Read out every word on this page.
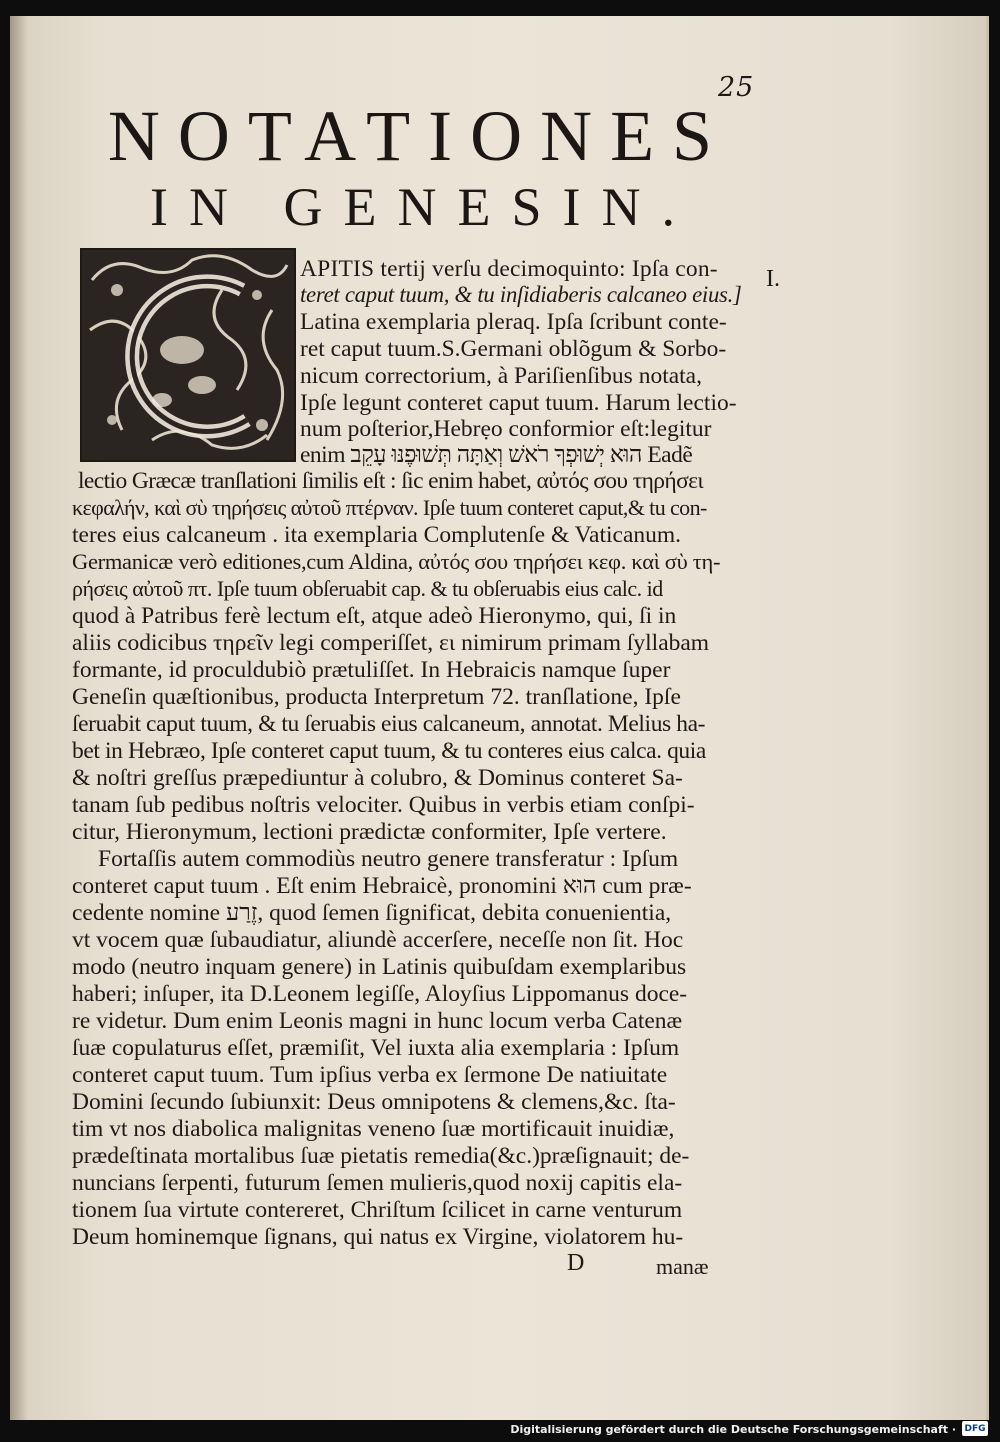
25
NOTATIONES
IN GENESIN.
I.
APITIS tertij verſu decimoquinto: Ipſa con-
teret caput tuum, & tu inſidiaberis calcaneo eius.]
Latina exemplaria pleraq. Ipſa ſcribunt conte-
ret caput tuum.S.Germani oblõgum & Sorbo-
nicum correctorium, à Pariſienſibus notata,
Ipſe legunt conteret caput tuum. Harum lectio-
num poſterior,Hebrẹo conformior eſt:legitur
enim הוּא יְשׁוּפְךָ רֹאשׁ וְאַתָּה תְּשׁוּפֶנּוּ עָקֵב Eadẽ
lectio Græcæ tranſlationi ſimilis eſt : ſic enim habet, αὐτός σου τηρήσει
κεφαλήν, καὶ σὺ τηρήσεις αὐτοῦ πτέρναν. Ipſe tuum conteret caput,& tu con-
teres eius calcaneum . ita exemplaria Complutenſe & Vaticanum.
Germanicæ verò editiones,cum Aldina, αὐτός σου τηρήσει κεφ. καὶ σὺ τη-
ρήσεις αὐτοῦ πτ. Ipſe tuum obſeruabit cap. & tu obſeruabis eius calc. id
quod à Patribus ferè lectum eſt, atque adeò Hieronymo, qui, ſi in
aliis codicibus τηρεῖν legi comperiſſet, ει nimirum primam ſyllabam
formante, id proculdubiò prætuliſſet. In Hebraicis namque ſuper
Geneſin quæſtionibus, producta Interpretum 72. tranſlatione, Ipſe
ſeruabit caput tuum, & tu ſeruabis eius calcaneum, annotat. Melius ha-
bet in Hebræo, Ipſe conteret caput tuum, & tu conteres eius calca. quia
& noſtri greſſus præpediuntur à colubro, & Dominus conteret Sa-
tanam ſub pedibus noſtris velociter. Quibus in verbis etiam conſpi-
citur, Hieronymum, lectioni prædictæ conformiter, Ipſe vertere.
Fortaſſis autem commodiùs neutro genere transferatur : Ipſum
conteret caput tuum . Eſt enim Hebraicè, pronomini הוּא cum præ-
cedente nomine זֶרַע, quod ſemen ſignificat, debita conuenientia,
vt vocem quæ ſubaudiatur, aliundè accerſere, neceſſe non ſit. Hoc
modo (neutro inquam genere) in Latinis quibuſdam exemplaribus
haberi; inſuper, ita D.Leonem legiſſe, Aloyſius Lippomanus doce-
re videtur. Dum enim Leonis magni in hunc locum verba Catenæ
ſuæ copulaturus eſſet, præmiſit, Vel iuxta alia exemplaria : Ipſum
conteret caput tuum. Tum ipſius verba ex ſermone De natiuitate
Domini ſecundo ſubiunxit: Deus omnipotens & clemens,&c. ſta-
tim vt nos diabolica malignitas veneno ſuæ mortificauit inuidiæ,
prædeſtinata mortalibus ſuæ pietatis remedia(&c.)præſignauit; de-
nuncians ſerpenti, futurum ſemen mulieris,quod noxij capitis ela-
tionem ſua virtute contereret, Chriſtum ſcilicet in carne venturum
Deum hominemque ſignans, qui natus ex Virgine, violatorem hu-
D	manæ
Digitalisierung gefördert durch die Deutsche Forschungsgemeinschaft · DFG
